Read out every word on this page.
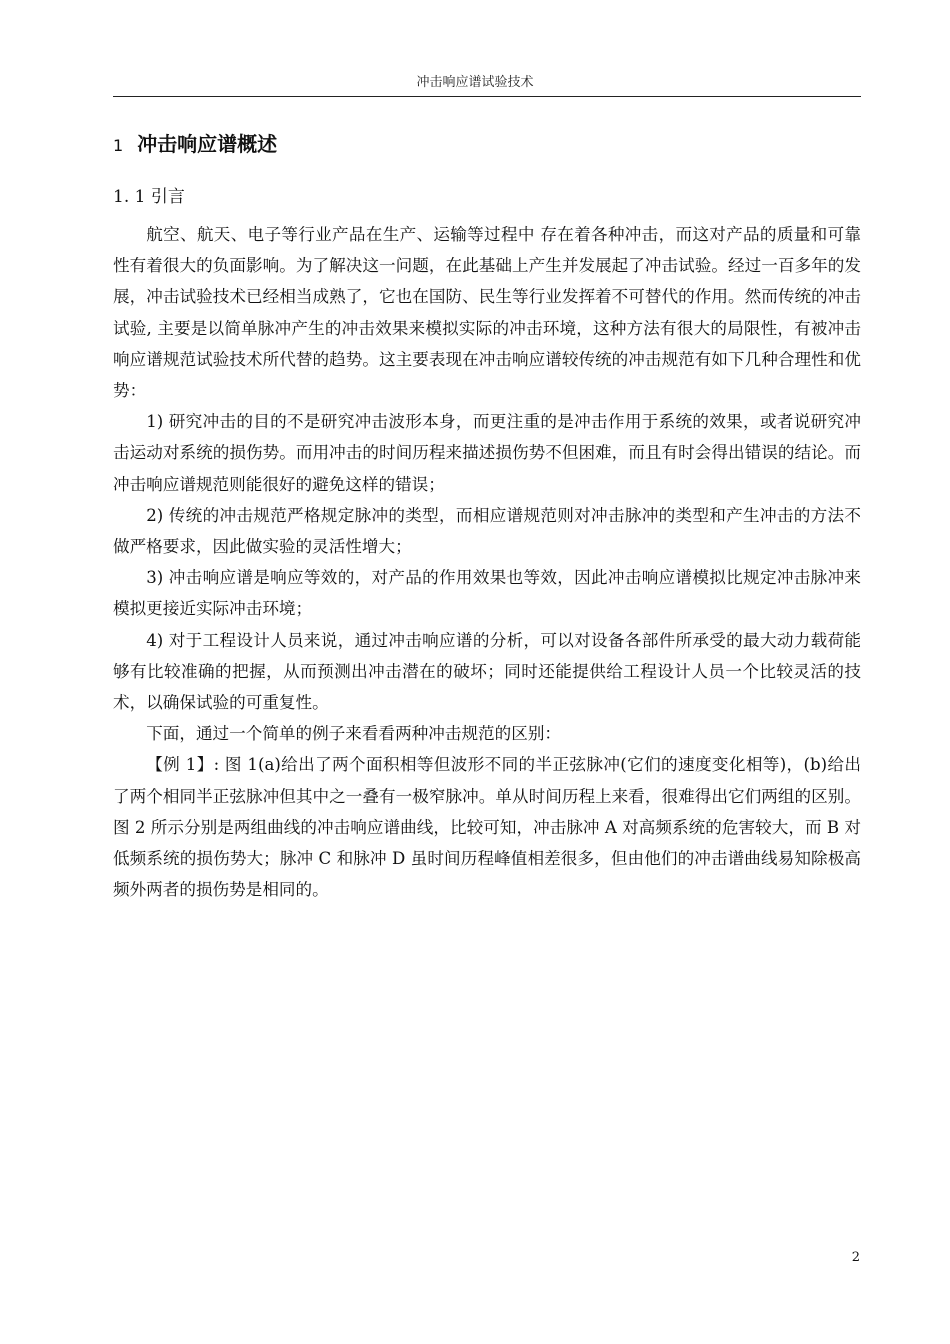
冲击响应谱试验技术
1 冲击响应谱概述
1. 1 引言

航空、航天、电子等行业产品在生产、运输等过程中 存在着各种冲击，而这对产品的质量和可靠性有着很大的负面影响。为了解决这一问题，在此基础上产生并发展起了冲击试验。经过一百多年的发展，冲击试验技术已经相当成熟了，它也在国防、民生等行业发挥着不可替代的作用。然而传统的冲击试验, 主要是以简单脉冲产生的冲击效果来模拟实际的冲击环境，这种方法有很大的局限性，有被冲击响应谱规范试验技术所代替的趋势。这主要表现在冲击响应谱较传统的冲击规范有如下几种合理性和优势：

1) 研究冲击的目的不是研究冲击波形本身，而更注重的是冲击作用于系统的效果，或者说研究冲击运动对系统的损伤势。而用冲击的时间历程来描述损伤势不但困难，而且有时会得出错误的结论。而冲击响应谱规范则能很好的避免这样的错误；

2) 传统的冲击规范严格规定脉冲的类型，而相应谱规范则对冲击脉冲的类型和产生冲击的方法不做严格要求，因此做实验的灵活性增大；

3) 冲击响应谱是响应等效的，对产品的作用效果也等效，因此冲击响应谱模拟比规定冲击脉冲来模拟更接近实际冲击环境；

4) 对于工程设计人员来说，通过冲击响应谱的分析，可以对设备各部件所承受的最大动力载荷能够有比较准确的把握，从而预测出冲击潜在的破坏；同时还能提供给工程设计人员一个比较灵活的技术，以确保试验的可重复性。

下面，通过一个简单的例子来看看两种冲击规范的区别：

【例 1】: 图 1(a)给出了两个面积相等但波形不同的半正弦脉冲(它们的速度变化相等)，(b)给出了两个相同半正弦脉冲但其中之一叠有一极窄脉冲。单从时间历程上来看，很难得出它们两组的区别。图 2 所示分别是两组曲线的冲击响应谱曲线，比较可知，冲击脉冲 A 对高频系统的危害较大，而 B 对低频系统的损伤势大；脉冲 C 和脉冲 D 虽时间历程峰值相差很多，但由他们的冲击谱曲线易知除极高频外两者的损伤势是相同的。

2
